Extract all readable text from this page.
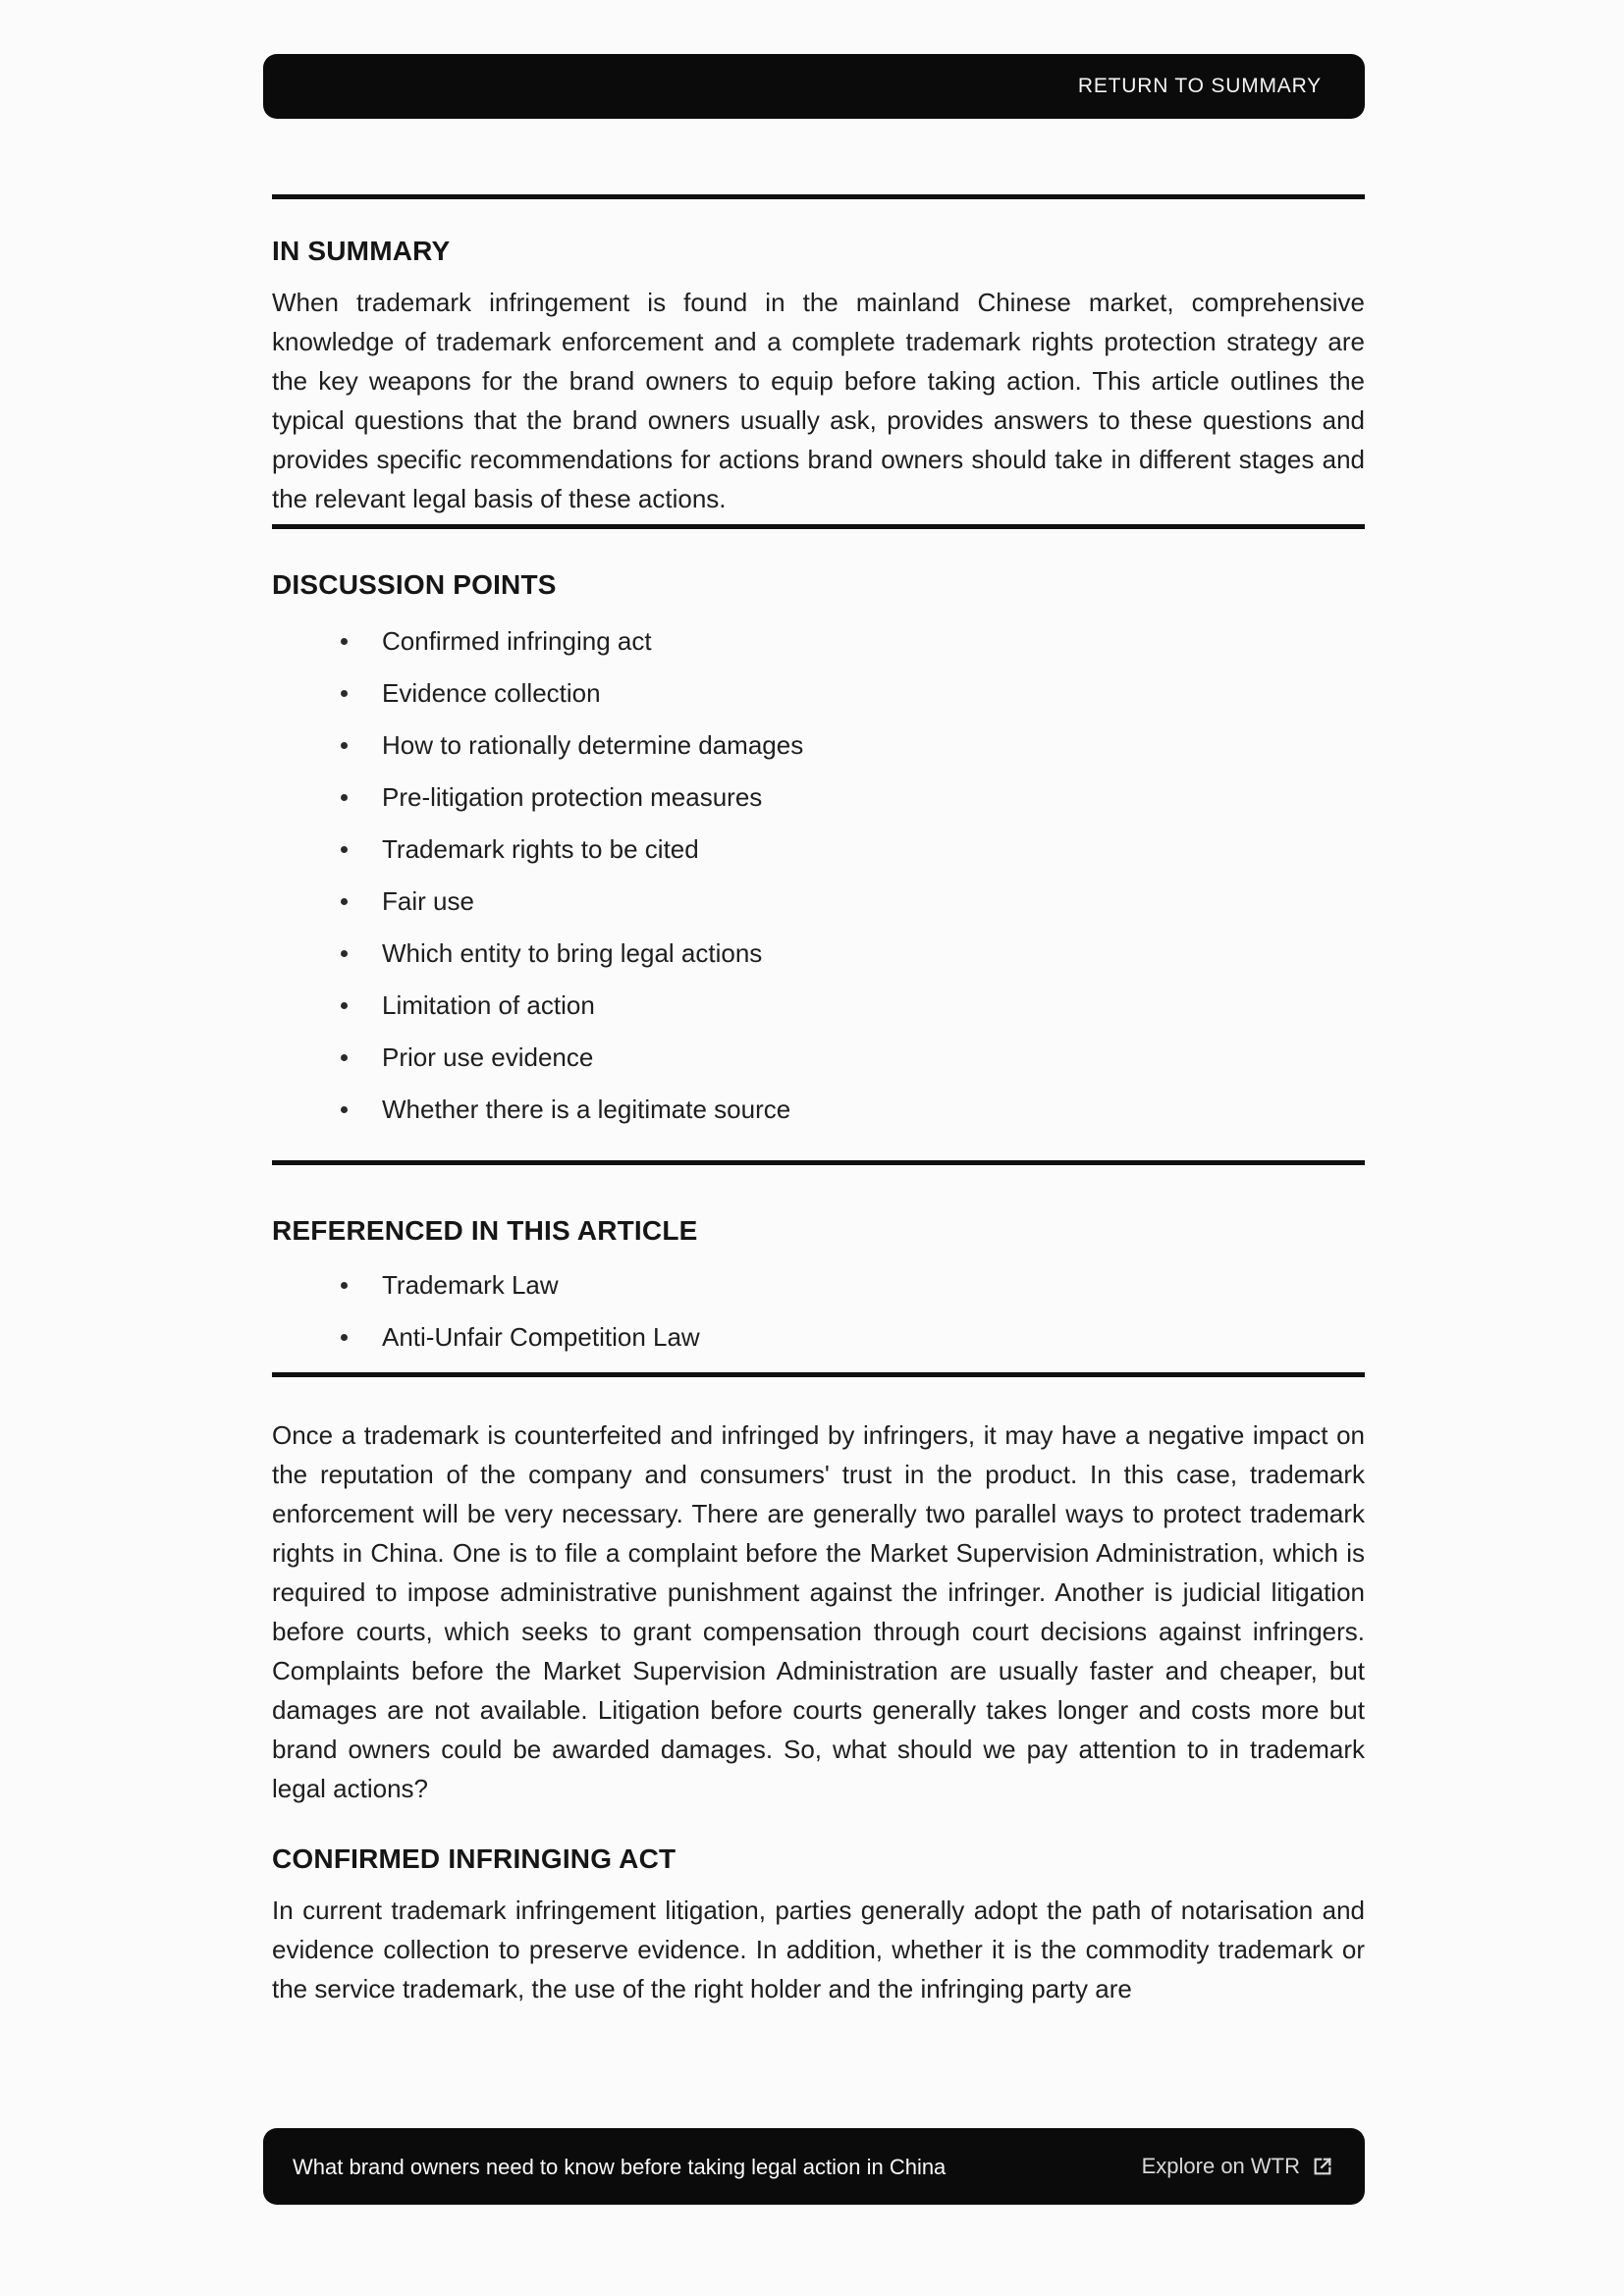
RETURN TO SUMMARY
IN SUMMARY

When trademark infringement is found in the mainland Chinese market, comprehensive knowledge of trademark enforcement and a complete trademark rights protection strategy are the key weapons for the brand owners to equip before taking action. This article outlines the typical questions that the brand owners usually ask, provides answers to these questions and provides specific recommendations for actions brand owners should take in different stages and the relevant legal basis of these actions.

DISCUSSION POINTS
Confirmed infringing act
Evidence collection
How to rationally determine damages
Pre-litigation protection measures
Trademark rights to be cited
Fair use
Which entity to bring legal actions
Limitation of action
Prior use evidence
Whether there is a legitimate source
REFERENCED IN THIS ARTICLE
Trademark Law
Anti-Unfair Competition Law

Once a trademark is counterfeited and infringed by infringers, it may have a negative impact on the reputation of the company and consumers' trust in the product. In this case, trademark enforcement will be very necessary. There are generally two parallel ways to protect trademark rights in China. One is to file a complaint before the Market Supervision Administration, which is required to impose administrative punishment against the infringer. Another is judicial litigation before courts, which seeks to grant compensation through court decisions against infringers. Complaints before the Market Supervision Administration are usually faster and cheaper, but damages are not available. Litigation before courts generally takes longer and costs more but brand owners could be awarded damages. So, what should we pay attention to in trademark legal actions?

CONFIRMED INFRINGING ACT

In current trademark infringement litigation, parties generally adopt the path of notarisation and evidence collection to preserve evidence. In addition, whether it is the commodity trademark or the service trademark, the use of the right holder and the infringing party are

What brand owners need to know before taking legal action in China	Explore on WTR
